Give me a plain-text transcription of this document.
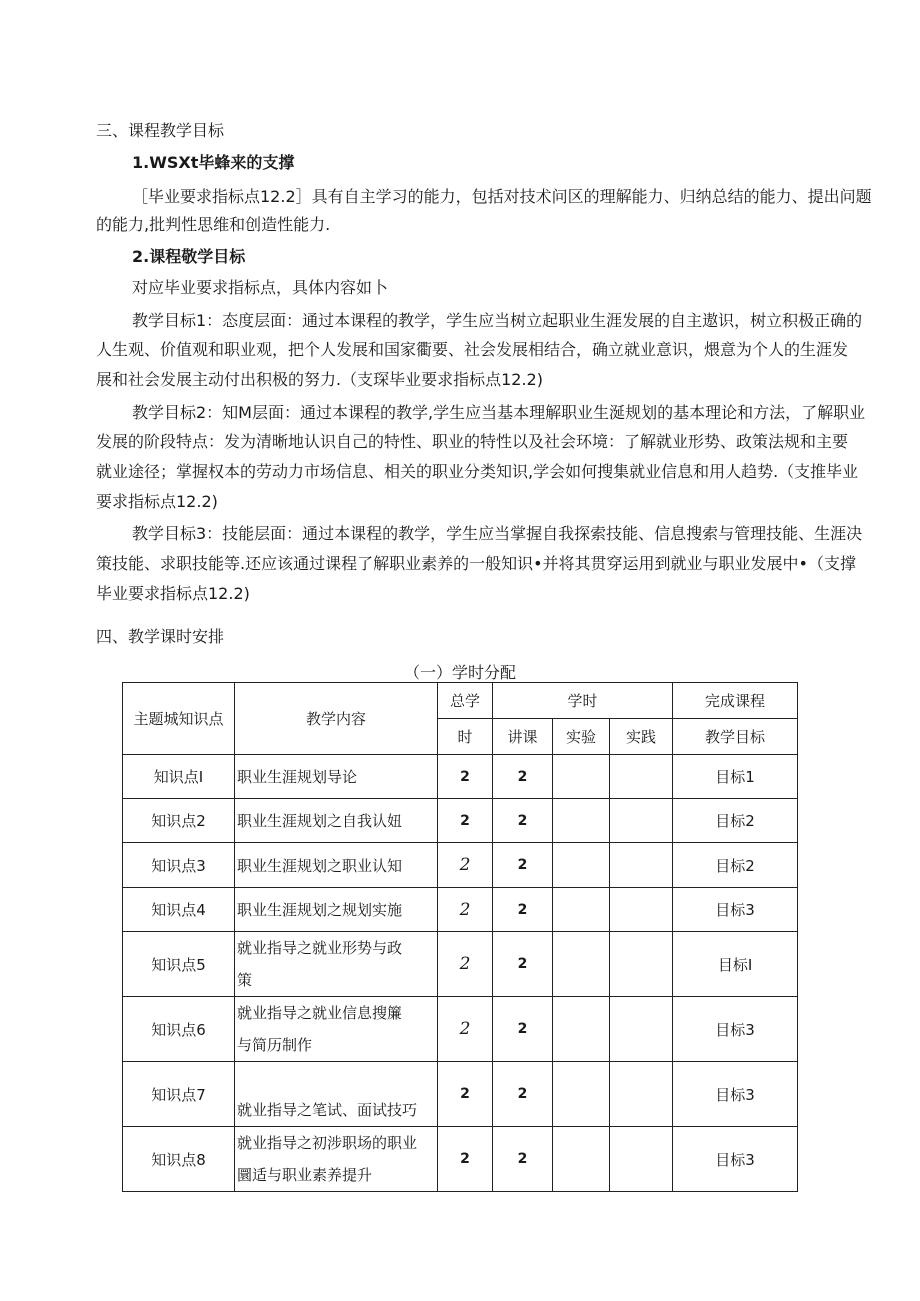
三、课程教学目标
1.WSXt毕蜂来的支撑
［毕业要求指标点12.2］具有自主学习的能力，包括对技术问区的理解能力、归纳总结的能力、提出问题
的能力,批判性思维和创造性能力.
2.课程敬学目标
对应毕业要求指标点，具体内容如卜
教学目标1：态度层面：通过本课程的教学，学生应当树立起职业生涯发展的自主遨识，树立积极正确的
人生观、价值观和职业观，把个人发展和国家衢要、社会发展相结合，确立就业意识，煨意为个人的生涯发
展和社会发展主动付出积极的努力.（支琛毕业要求指标点12.2)
教学目标2：知M层面：通过本课程的教学,学生应当基本理解职业生涎规划的基本理论和方法，了解职业
发展的阶段特点：发为清晰地认识自己的特性、职业的特性以及社会环境：了解就业形势、政策法规和主要
就业途径；掌握权本的劳动力市场信息、相关的职业分类知识,学会如何搜集就业信息和用人趋势.（支推毕业
要求指标点12.2)
教学目标3：技能层面：通过本课程的教学，学生应当掌握自我探索技能、信息搜索与管理技能、生涯决
策技能、求职技能等.还应该通过课程了解职业素养的一般知识•并将其贯穿运用到就业与职业发展中•（支撑
毕业要求指标点12.2)
四、教学课时安排
（一）学时分配
主题城知识点	教学内容	总学	学时			完成课程
		时	讲课	实验	实践	教学目标
知识点I	职业生涯规划导论	2	2			目标1
知识点2	职业生涯规划之自我认妞	2	2			目标2
知识点3	职业生涯规划之职业认知	2	2			目标2
知识点4	职业生涯规划之规划实施	2	2			目标3
知识点5	就业指导之就业形势与政
策	2	2			目标I
知识点6	就业指导之就业信息搜簾
与简历制作	2	2			目标3
知识点7	就业指导之笔试、面试技巧	2	2			目标3
知识点8	就业指导之初涉职场的职业
圜适与职业素养提升	2	2			目标3
